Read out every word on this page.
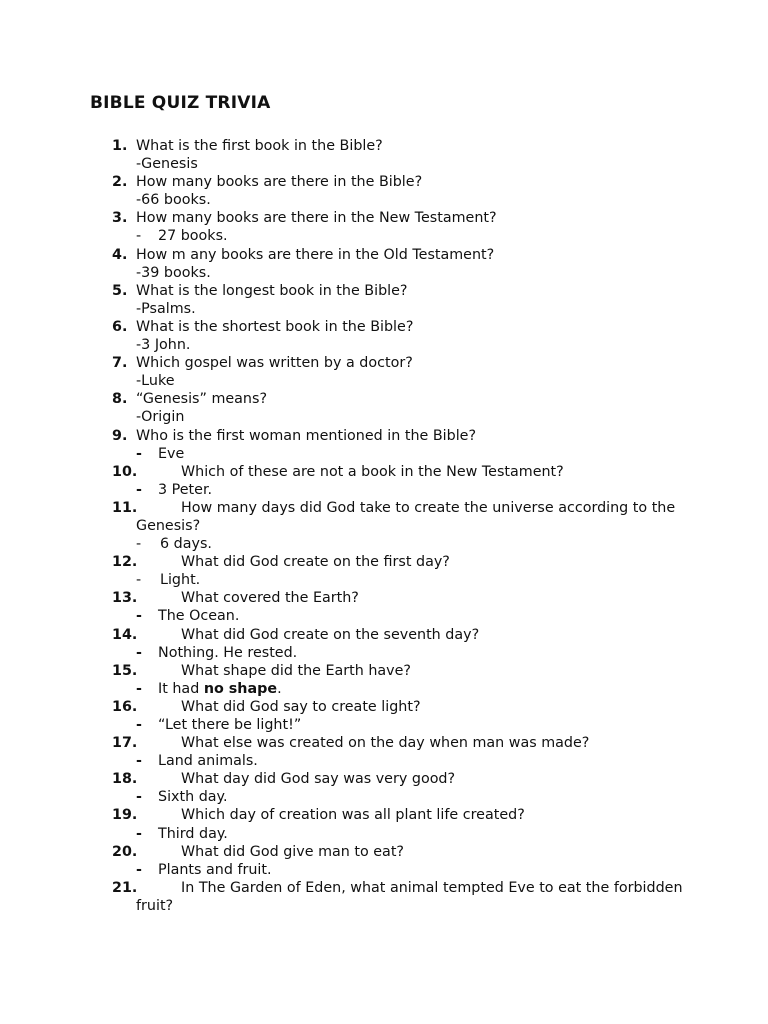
BIBLE QUIZ TRIVIA
1. What is the first book in the Bible?
-Genesis
2. How many books are there in the Bible?
-66 books.
3. How many books are there in the New Testament?
- 27 books.
4. How m any books are there in the Old Testament?
-39 books.
5. What is the longest book in the Bible?
-Psalms.
6. What is the shortest book in the Bible?
-3 John.
7. Which gospel was written by a doctor?
-Luke
8. “Genesis” means?
-Origin
9. Who is the first woman mentioned in the Bible?
- Eve
10.	Which of these are not a book in the New Testament?
- 3 Peter.
11.	How many days did God take to create the universe according to the Genesis?
- 6 days.
12.	What did God create on the first day?
- Light.
13.	What covered the Earth?
- The Ocean.
14.	What did God create on the seventh day?
- Nothing. He rested.
15.	What shape did the Earth have?
- It had no shape.
16.	What did God say to create light?
- “Let there be light!”
17.	What else was created on the day when man was made?
- Land animals.
18.	What day did God say was very good?
- Sixth day.
19.	Which day of creation was all plant life created?
- Third day.
20.	What did God give man to eat?
- Plants and fruit.
21.	In The Garden of Eden, what animal tempted Eve to eat the forbidden fruit?
